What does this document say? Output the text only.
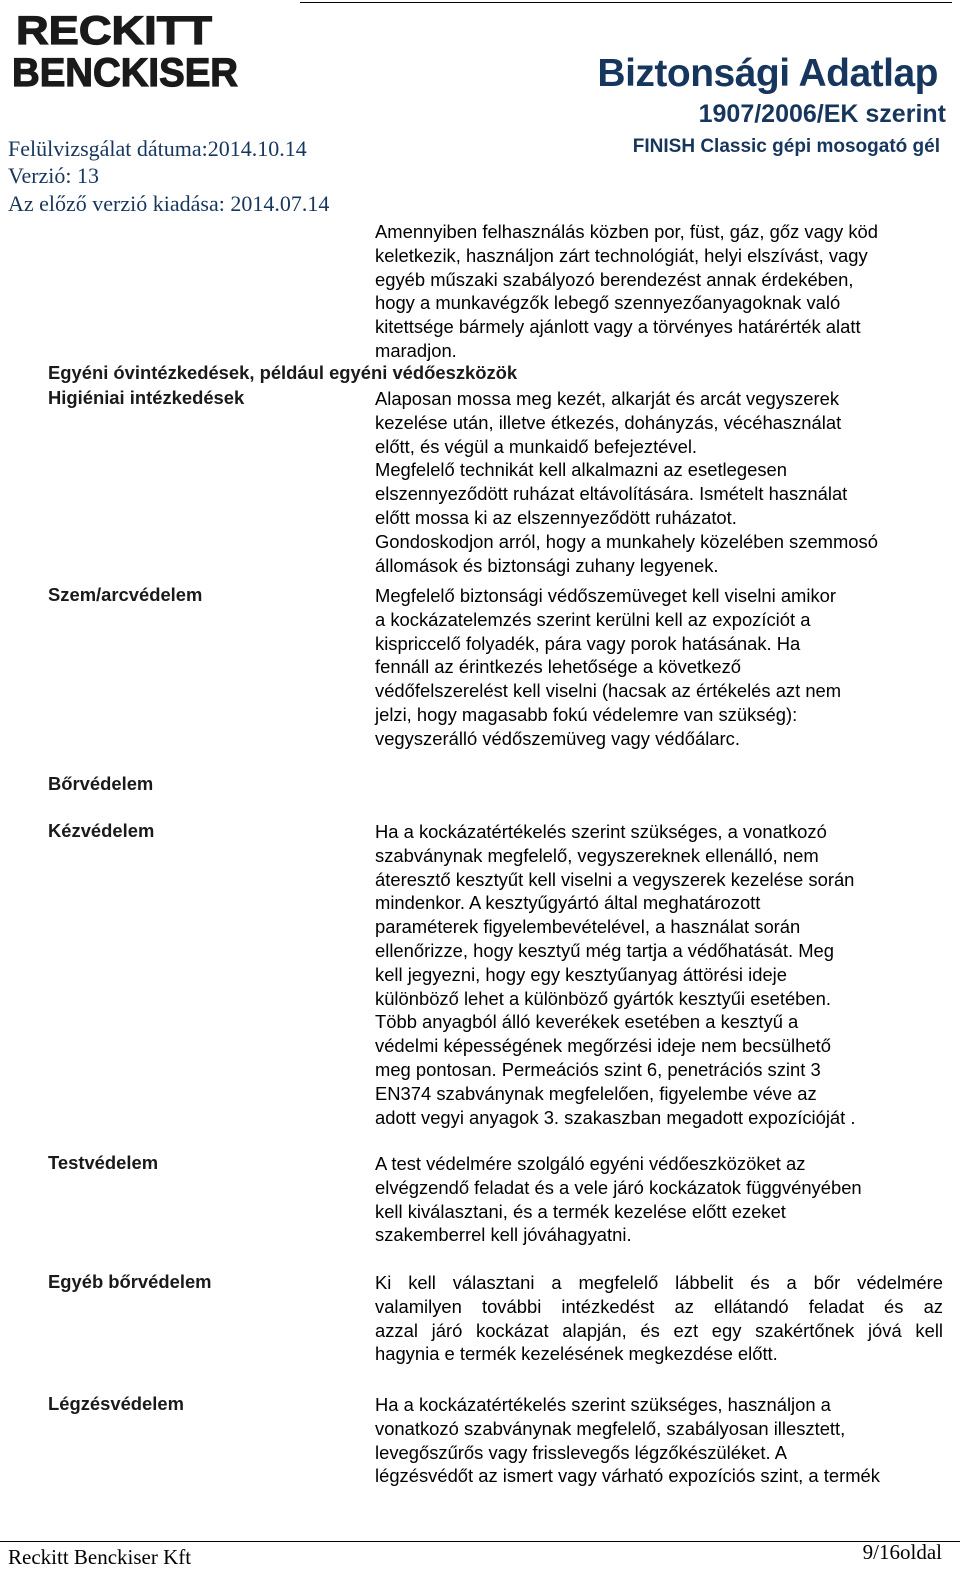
RECKITT
BENCKISER	Biztonsági Adatlap
1907/2006/EK szerint
FINISH Classic gépi mosogató gél
Felülvizsgálat dátuma:2014.10.14
Verzió: 13
Az előző verzió kiadása: 2014.07.14
Amennyiben felhasználás közben por, füst, gáz, gőz vagy köd
keletkezik, használjon zárt technológiát, helyi elszívást, vagy
egyéb műszaki szabályozó berendezést annak érdekében,
hogy a munkavégzők lebegő szennyezőanyagoknak való
kitettsége bármely ajánlott vagy a törvényes határérték alatt
maradjon.
Egyéni óvintézkedések, például egyéni védőeszközök
Higiéniai intézkedések	Alaposan mossa meg kezét, alkarját és arcát vegyszerek
kezelése után, illetve étkezés, dohányzás, vécéhasználat
előtt, és végül a munkaidő befejeztével.
Megfelelő technikát kell alkalmazni az esetlegesen
elszennyeződött ruházat eltávolítására. Ismételt használat
előtt mossa ki az elszennyeződött ruházatot.
Gondoskodjon arról, hogy a munkahely közelében szemmosó
állomások és biztonsági zuhany legyenek.
Szem/arcvédelem	Megfelelő biztonsági védőszemüveget kell viselni amikor
a kockázatelemzés szerint kerülni kell az expozíciót a
kispriccelő folyadék, pára vagy porok hatásának. Ha
fennáll az érintkezés lehetősége a következő
védőfelszerelést kell viselni (hacsak az értékelés azt nem
jelzi, hogy magasabb fokú védelemre van szükség):
vegyszerálló védőszemüveg vagy védőálarc.
Bőrvédelem
Kézvédelem	Ha a kockázatértékelés szerint szükséges, a vonatkozó
szabványnak megfelelő, vegyszereknek ellenálló, nem
áteresztő kesztyűt kell viselni a vegyszerek kezelése során
mindenkor. A kesztyűgyártó által meghatározott
paraméterek figyelembevételével, a használat során
ellenőrizze, hogy kesztyű még tartja a védőhatását. Meg
kell jegyezni, hogy egy kesztyűanyag áttörési ideje
különböző lehet a különböző gyártók kesztyűi esetében.
Több anyagból álló keverékek esetében a kesztyű a
védelmi képességének megőrzési ideje nem becsülhető
meg pontosan. Permeációs szint 6, penetrációs szint 3
EN374 szabványnak megfelelően, figyelembe véve az
adott vegyi anyagok 3. szakaszban megadott expozícióját .
Testvédelem	A test védelmére szolgáló egyéni védőeszközöket az
elvégzendő feladat és a vele járó kockázatok függvényében
kell kiválasztani, és a termék kezelése előtt ezeket
szakemberrel kell jóváhagyatni.
Egyéb bőrvédelem	Ki kell választani a megfelelő lábbelit és a bőr védelmére
valamilyen további intézkedést az ellátandó feladat és az
azzal járó kockázat alapján, és ezt egy szakértőnek jóvá kell
hagynia e termék kezelésének megkezdése előtt.
Légzésvédelem	Ha a kockázatértékelés szerint szükséges, használjon a
vonatkozó szabványnak megfelelő, szabályosan illesztett,
levegőszűrős vagy frisslevegős légzőkészüléket. A
légzésvédőt az ismert vagy várható expozíciós szint, a termék
Reckitt Benckiser Kft	9/16oldal
